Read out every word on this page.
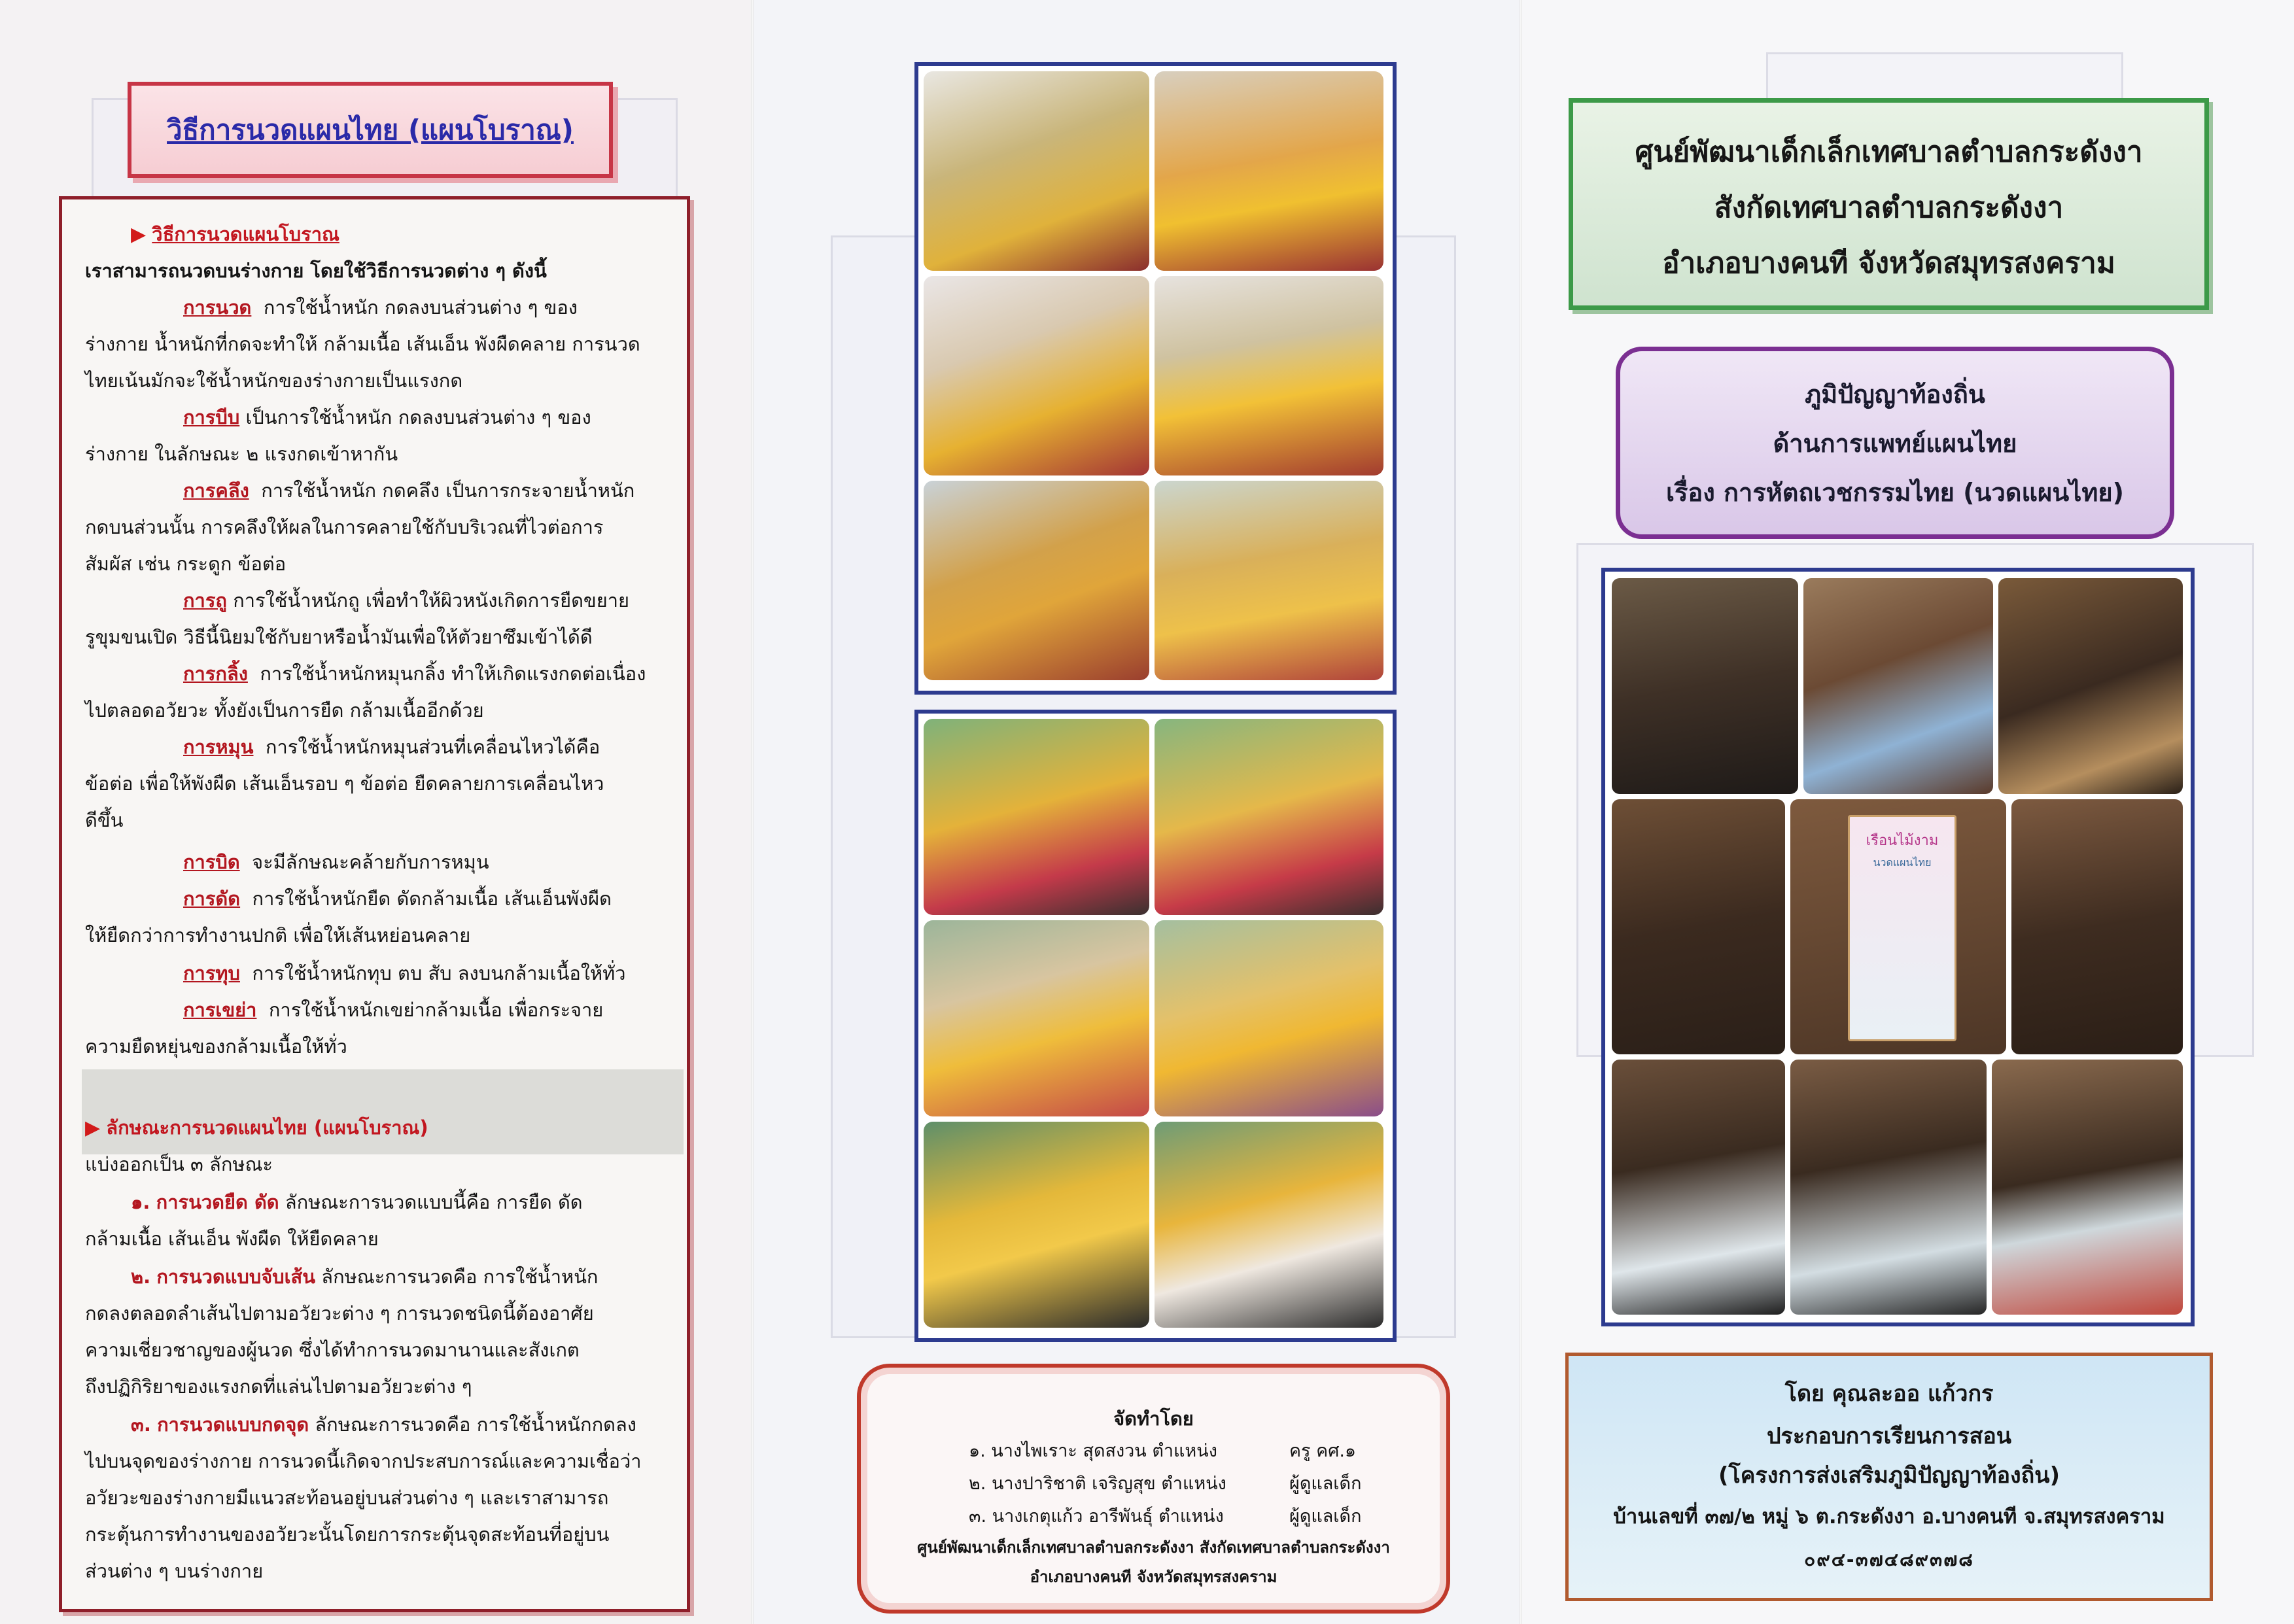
วิธีการนวดแผนไทย (แผนโบราณ)
▶ วิธีการนวดแผนโบราณ
เราสามารถนวดบนร่างกาย โดยใช้วิธีการนวดต่าง ๆ ดังนี้
การนวด การใช้น้ำหนัก กดลงบนส่วนต่าง ๆ ของ
ร่างกาย น้ำหนักที่กดจะทำให้ กล้ามเนื้อ เส้นเอ็น พังผืดคลาย การนวด
ไทยเน้นมักจะใช้น้ำหนักของร่างกายเป็นแรงกด
การบีบ เป็นการใช้น้ำหนัก กดลงบนส่วนต่าง ๆ ของ
ร่างกาย ในลักษณะ ๒ แรงกดเข้าหากัน
การคลึง การใช้น้ำหนัก กดคลึง เป็นการกระจายน้ำหนัก
กดบนส่วนนั้น การคลึงให้ผลในการคลายใช้กับบริเวณที่ไวต่อการ
สัมผัส เช่น กระดูก ข้อต่อ
การถู การใช้น้ำหนักถู เพื่อทำให้ผิวหนังเกิดการยืดขยาย
รูขุมขนเปิด วิธีนี้นิยมใช้กับยาหรือน้ำมันเพื่อให้ตัวยาซึมเข้าได้ดี
การกลิ้ง การใช้น้ำหนักหมุนกลิ้ง ทำให้เกิดแรงกดต่อเนื่อง
ไปตลอดอวัยวะ ทั้งยังเป็นการยืด กล้ามเนื้ออีกด้วย
การหมุน การใช้น้ำหนักหมุนส่วนที่เคลื่อนไหวได้คือ
ข้อต่อ เพื่อให้พังผืด เส้นเอ็นรอบ ๆ ข้อต่อ ยืดคลายการเคลื่อนไหว
ดีขึ้น
การบิด จะมีลักษณะคล้ายกับการหมุน
การดัด การใช้น้ำหนักยืด ดัดกล้ามเนื้อ เส้นเอ็นพังผืด
ให้ยืดกว่าการทำงานปกติ เพื่อให้เส้นหย่อนคลาย
การทุบ การใช้น้ำหนักทุบ ตบ สับ ลงบนกล้ามเนื้อให้ทั่ว
การเขย่า การใช้น้ำหนักเขย่ากล้ามเนื้อ เพื่อกระจาย
ความยืดหยุ่นของกล้ามเนื้อให้ทั่ว
▶ ลักษณะการนวดแผนไทย (แผนโบราณ)
แบ่งออกเป็น ๓ ลักษณะ
๑. การนวดยืด ดัด ลักษณะการนวดแบบนี้คือ การยืด ดัด
กล้ามเนื้อ เส้นเอ็น พังผืด ให้ยืดคลาย
๒. การนวดแบบจับเส้น ลักษณะการนวดคือ การใช้น้ำหนัก
กดลงตลอดลำเส้นไปตามอวัยวะต่าง ๆ การนวดชนิดนี้ต้องอาศัย
ความเชี่ยวชาญของผู้นวด ซึ่งได้ทำการนวดมานานและสังเกต
ถึงปฏิกิริยาของแรงกดที่แล่นไปตามอวัยวะต่าง ๆ
๓. การนวดแบบกดจุด ลักษณะการนวดคือ การใช้น้ำหนักกดลง
ไปบนจุดของร่างกาย การนวดนี้เกิดจากประสบการณ์และความเชื่อว่า
อวัยวะของร่างกายมีแนวสะท้อนอยู่บนส่วนต่าง ๆ และเราสามารถ
กระตุ้นการทำงานของอวัยวะนั้นโดยการกระตุ้นจุดสะท้อนที่อยู่บน
ส่วนต่าง ๆ บนร่างกาย
จัดทำโดย
๑. นางไพเราะ สุดสงวน ตำแหน่ง	ครู คศ.๑
๒. นางปาริชาติ เจริญสุข ตำแหน่ง	ผู้ดูแลเด็ก
๓. นางเกตุแก้ว อารีพันธุ์ ตำแหน่ง	ผู้ดูแลเด็ก
ศูนย์พัฒนาเด็กเล็กเทศบาลตำบลกระดังงา สังกัดเทศบาลตำบลกระดังงา
อำเภอบางคนที จังหวัดสมุทรสงคราม
ศูนย์พัฒนาเด็กเล็กเทศบาลตำบลกระดังงา
สังกัดเทศบาลตำบลกระดังงา
อำเภอบางคนที จังหวัดสมุทรสงคราม
ภูมิปัญญาท้องถิ่น
ด้านการแพทย์แผนไทย
เรื่อง การหัตถเวชกรรมไทย (นวดแผนไทย)
เรือนไม้งาม
นวดแผนไทย
โดย คุณละออ แก้วกร
ประกอบการเรียนการสอน
(โครงการส่งเสริมภูมิปัญญาท้องถิ่น)
บ้านเลขที่ ๓๗/๒ หมู่ ๖ ต.กระดังงา อ.บางคนที จ.สมุทรสงคราม
๐๙๔-๓๗๔๘๙๓๗๘
